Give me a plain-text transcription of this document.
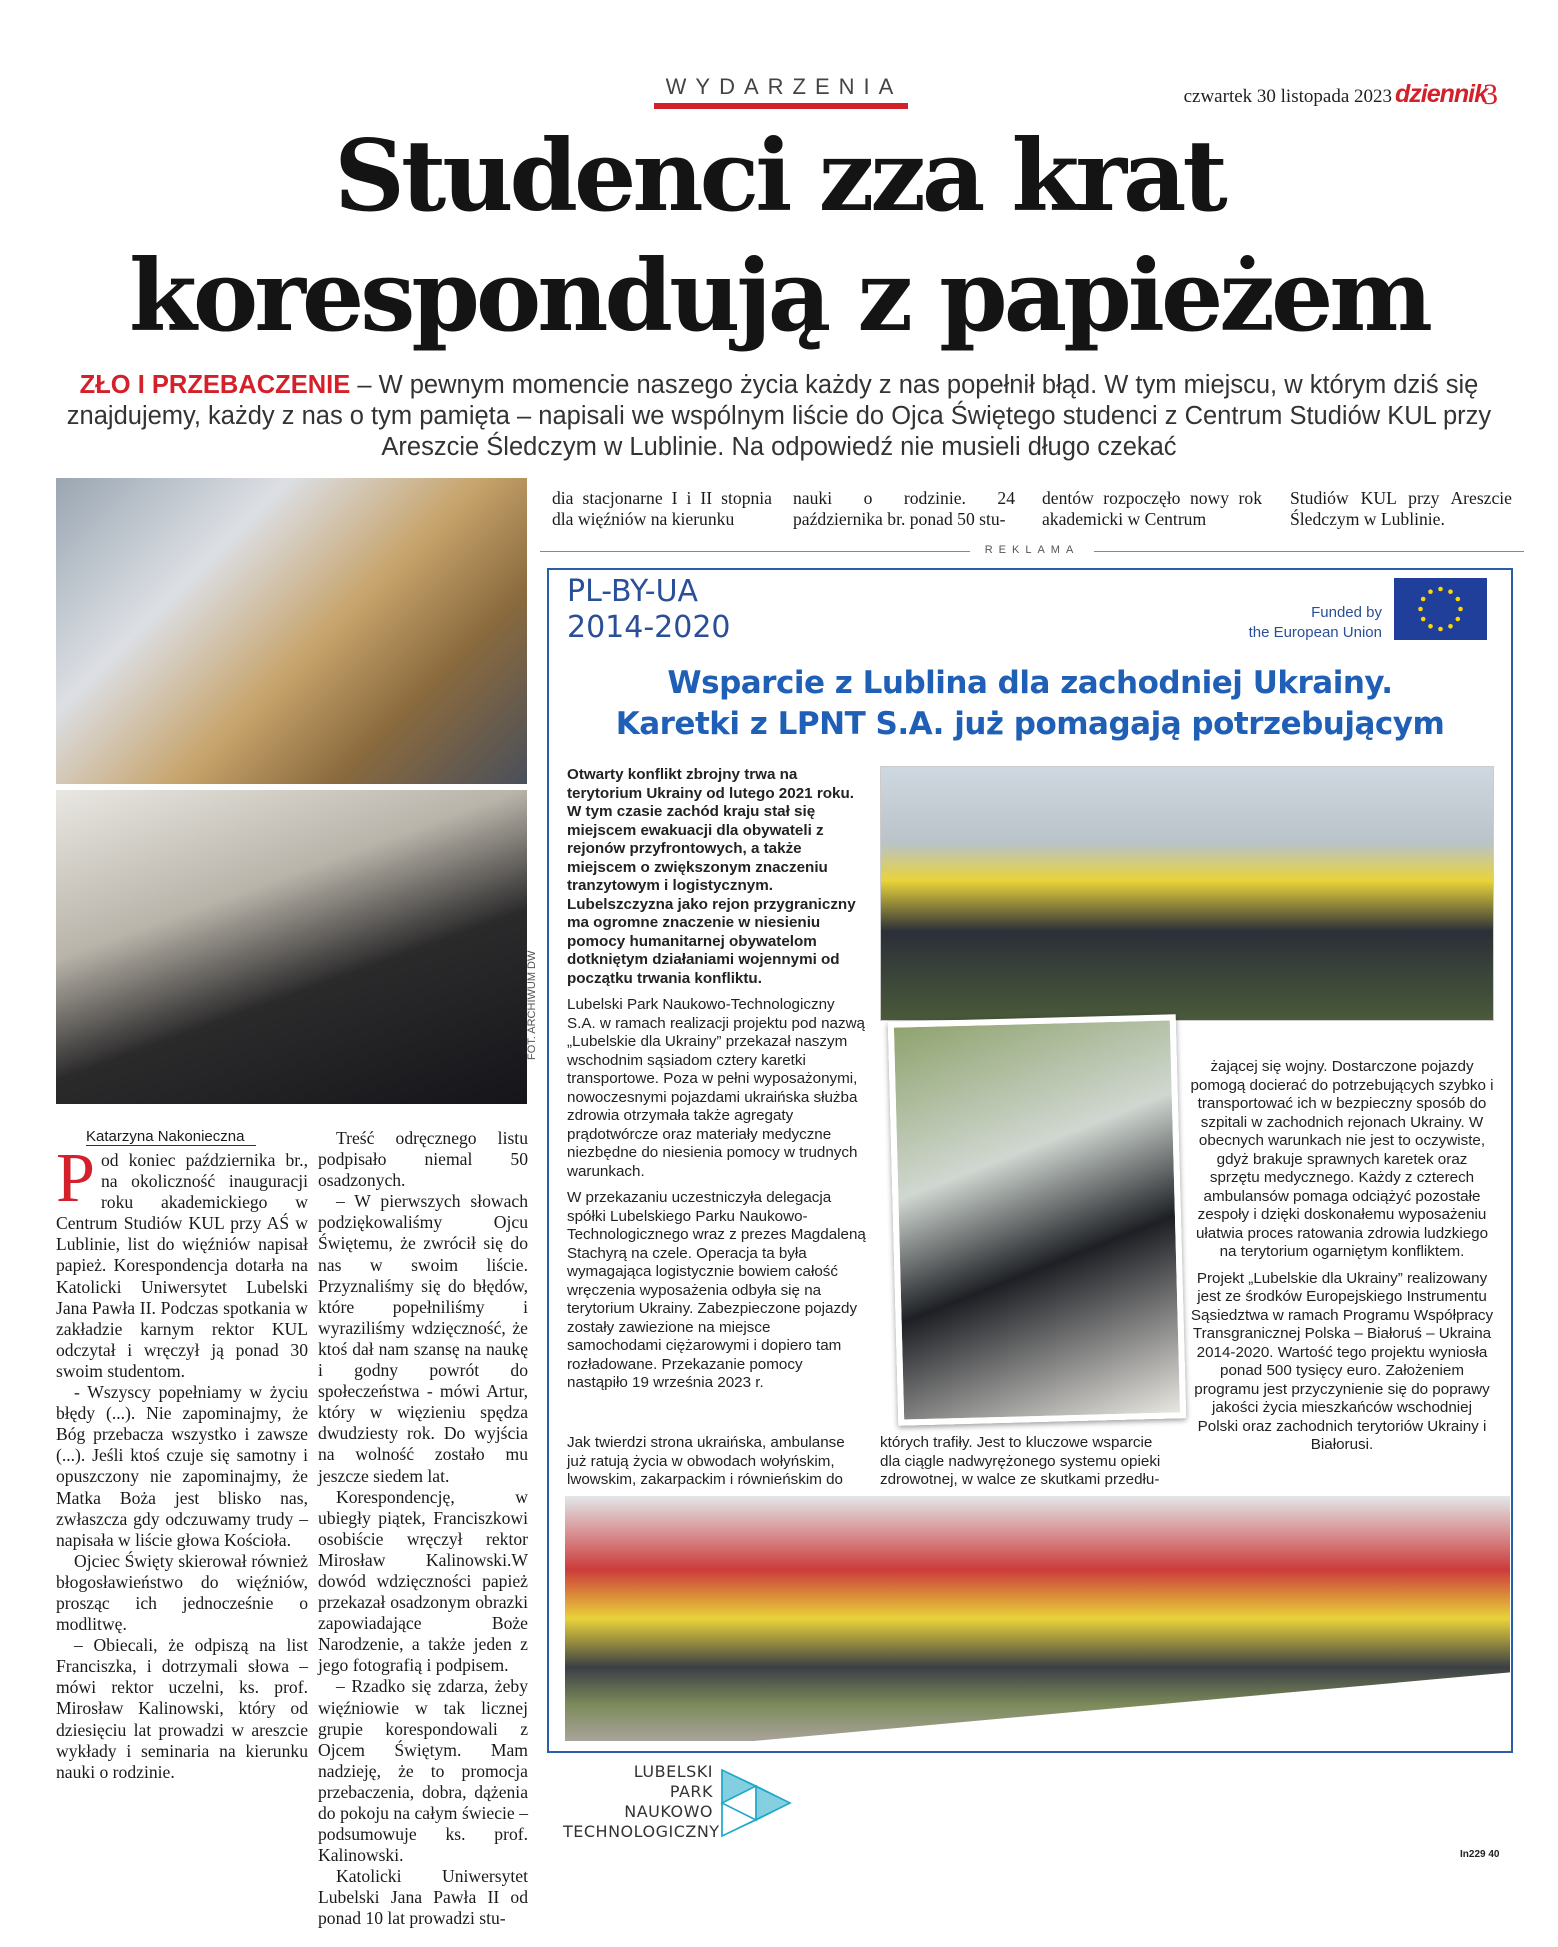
WYDARZENIA	czwartek 30 listopada 2023 dziennik
3
Studenci zza krat
korespondują z papieżem
ZŁO I PRZEBACZENIE – W pewnym momencie naszego życia każdy z nas popełnił błąd. W tym miejscu, w którym dziś się znajdujemy, każdy z nas o tym pamięta – napisali we wspólnym liście do Ojca Świętego studenci z Centrum Studiów KUL przy Areszcie Śledczym w Lublinie. Na odpowiedź nie musieli długo czekać
FOT. ARCHIWUM DW
dia stacjonarne I i II stopnia dla więźniów na kierunku
nauki o rodzinie. 24 października br. ponad 50 stu-
dentów rozpoczęło nowy rok akademicki w Centrum
Studiów KUL przy Areszcie Śledczym w Lublinie.
REKLAMA
Katarzyna Nakonieczna

Pod koniec października br., na okoliczność inauguracji roku akademickiego w Centrum Studiów KUL przy AŚ w Lublinie, list do więźniów napisał papież. Korespondencja dotarła na Katolicki Uniwersytet Lubelski Jana Pawła II. Podczas spotkania w zakładzie karnym rektor KUL odczytał i wręczył ją ponad 30 swoim studentom.

- Wszyscy popełniamy w życiu błędy (...). Nie zapominajmy, że Bóg przebacza wszystko i zawsze (...). Jeśli ktoś czuje się samotny i opuszczony nie zapominajmy, że Matka Boża jest blisko nas, zwłaszcza gdy odczuwamy trudy – napisała w liście głowa Kościoła.

Ojciec Święty skierował również błogosławieństwo do więźniów, prosząc ich jednocześnie o modlitwę.

– Obiecali, że odpiszą na list Franciszka, i dotrzymali słowa – mówi rektor uczelni, ks. prof. Mirosław Kalinowski, który od dziesięciu lat prowadzi w areszcie wykłady i seminaria na kierunku nauki o rodzinie.

Treść odręcznego listu podpisało niemal 50 osadzonych.

– W pierwszych słowach podziękowaliśmy Ojcu Świętemu, że zwrócił się do nas w swoim liście. Przyznaliśmy się do błędów, które popełniliśmy i wyraziliśmy wdzięczność, że ktoś dał nam szansę na naukę i godny powrót do społeczeństwa - mówi Artur, który w więzieniu spędza dwudziesty rok. Do wyjścia na wolność zostało mu jeszcze siedem lat.

Korespondencję, w ubiegły piątek, Franciszkowi osobiście wręczył rektor Mirosław Kalinowski.W dowód wdzięczności papież przekazał osadzonym obrazki zapowiadające Boże Narodzenie, a także jeden z jego fotografią i podpisem.

– Rzadko się zdarza, żeby więźniowie w tak licznej grupie korespondowali z Ojcem Świętym. Mam nadzieję, że to promocja przebaczenia, dobra, dążenia do pokoju na całym świecie – podsumowuje ks. prof. Kalinowski.

Katolicki Uniwersytet Lubelski Jana Pawła II od ponad 10 lat prowadzi stu-

PL-BY-UA
2014-2020	Funded by
the European Union
Wsparcie z Lublina dla zachodniej Ukrainy.
Karetki z LPNT S.A. już pomagają potrzebującym

Otwarty konflikt zbrojny trwa na terytorium Ukrainy od lutego 2021 roku. W tym czasie zachód kraju stał się miejscem ewakuacji dla obywateli z rejonów przyfrontowych, a także miejscem o zwiększonym znaczeniu tranzytowym i logistycznym. Lubelszczyzna jako rejon przygraniczny ma ogromne znaczenie w niesieniu pomocy humanitarnej obywatelom dotkniętym działaniami wojennymi od początku trwania konfliktu.

Lubelski Park Naukowo-Technologiczny S.A. w ramach realizacji projektu pod nazwą „Lubelskie dla Ukrainy” przekazał naszym wschodnim sąsiadom cztery karetki transportowe. Poza w pełni wyposażonymi, nowoczesnymi pojazdami ukraińska służba zdrowia otrzymała także agregaty prądotwórcze oraz materiały medyczne niezbędne do niesienia pomocy w trudnych warunkach.

W przekazaniu uczestniczyła delegacja spółki Lubelskiego Parku Naukowo-Technologicznego wraz z prezes Magdaleną Stachyrą na czele. Operacja ta była wymagająca logistycznie bowiem całość wręczenia wyposażenia odbyła się na terytorium Ukrainy. Zabezpieczone pojazdy zostały zawiezione na miejsce samochodami ciężarowymi i dopiero tam rozładowane. Przekazanie pomocy nastąpiło 19 września 2023 r.

Jak twierdzi strona ukraińska, ambulanse już ratują życia w obwodach wołyńskim, lwowskim, zakarpackim i równieńskim do
których trafiły. Jest to kluczowe wsparcie dla ciągle nadwyrężonego systemu opieki zdrowotnej, w walce ze skutkami przedłu-

żającej się wojny. Dostarczone pojazdy pomogą docierać do potrzebujących szybko i transportować ich w bezpieczny sposób do szpitali w zachodnich rejonach Ukrainy. W obecnych warunkach nie jest to oczywiste, gdyż brakuje sprawnych karetek oraz sprzętu medycznego. Każdy z czterech ambulansów pomaga odciążyć pozostałe zespoły i dzięki doskonałemu wyposażeniu ułatwia proces ratowania zdrowia ludzkiego na terytorium ogarniętym konfliktem.

Projekt „Lubelskie dla Ukrainy” realizowany jest ze środków Europejskiego Instrumentu Sąsiedztwa w ramach Programu Współpracy Transgranicznej Polska – Białoruś – Ukraina 2014-2020. Wartość tego projektu wyniosła ponad 500 tysięcy euro. Założeniem programu jest przyczynienie się do poprawy jakości życia mieszkańców wschodniej Polski oraz zachodnich terytoriów Ukrainy i Białorusi.

LUBELSKI
PARK
NAUKOWO
TECHNOLOGICZNY
In229 40
